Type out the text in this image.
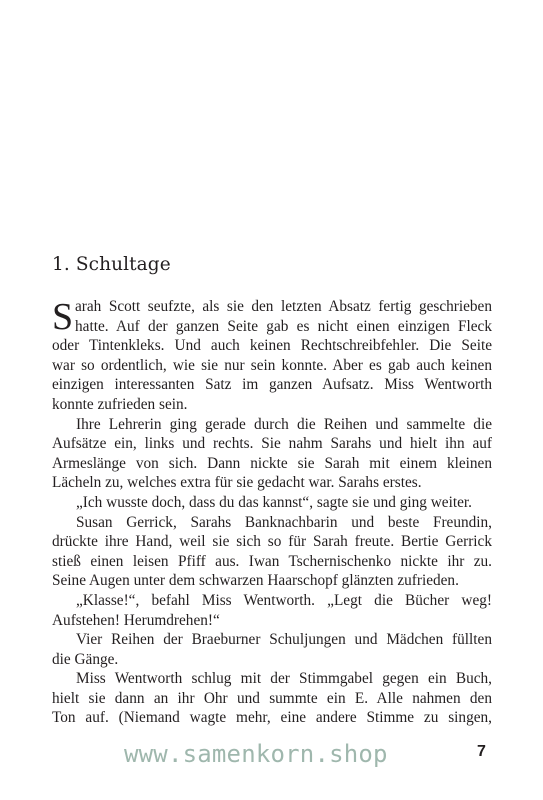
1. Schultage
S arah Scott seufzte, als sie den letzten Absatz fertig geschrieben
hatte. Auf der ganzen Seite gab es nicht einen einzigen Fleck
oder Tintenkleks. Und auch keinen Rechtschreibfehler. Die Seite
war so ordentlich, wie sie nur sein konnte. Aber es gab auch keinen
einzigen interessanten Satz im ganzen Aufsatz. Miss Wentworth
konnte zufrieden sein.
Ihre Lehrerin ging gerade durch die Reihen und sammelte die
Aufsätze ein, links und rechts. Sie nahm Sarahs und hielt ihn auf
Armeslänge von sich. Dann nickte sie Sarah mit einem kleinen
Lächeln zu, welches extra für sie gedacht war. Sarahs erstes.
„Ich wusste doch, dass du das kannst“, sagte sie und ging weiter.
Susan Gerrick, Sarahs Banknachbarin und beste Freundin,
drückte ihre Hand, weil sie sich so für Sarah freute. Bertie Gerrick
stieß einen leisen Pfiff aus. Iwan Tschernischenko nickte ihr zu.
Seine Augen unter dem schwarzen Haarschopf glänzten zufrieden.
„Klasse!“, befahl Miss Wentworth. „Legt die Bücher weg!
Aufstehen! Herumdrehen!“
Vier Reihen der Braeburner Schuljungen und Mädchen füllten
die Gänge.
Miss Wentworth schlug mit der Stimmgabel gegen ein Buch,
hielt sie dann an ihr Ohr und summte ein E. Alle nahmen den
Ton auf. (Niemand wagte mehr, eine andere Stimme zu singen,
www.samenkorn.shop	7
